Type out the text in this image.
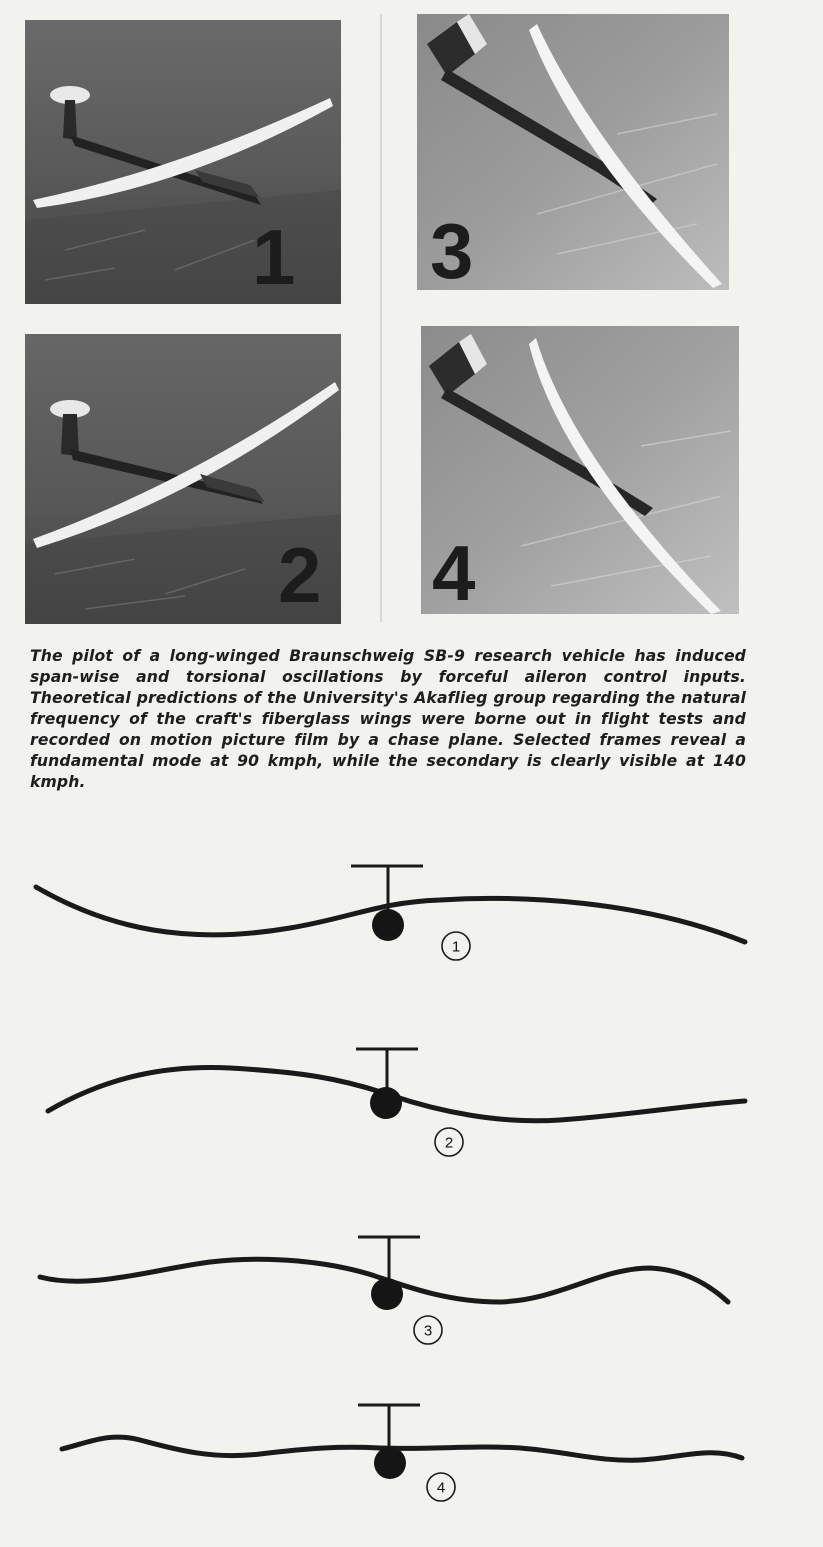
1
2
3
4

The pilot of a long-winged Braunschweig SB-9 research vehicle has induced span-wise and torsional oscillations by forceful aileron control inputs. Theoretical predictions of the University's Akaflieg group regarding the natural frequency of the craft's fiberglass wings were borne out in flight tests and recorded on motion picture film by a chase plane. Selected frames reveal a fundamental mode at 90 kmph, while the secondary is clearly visible at 140 kmph.

1
2
3
4
